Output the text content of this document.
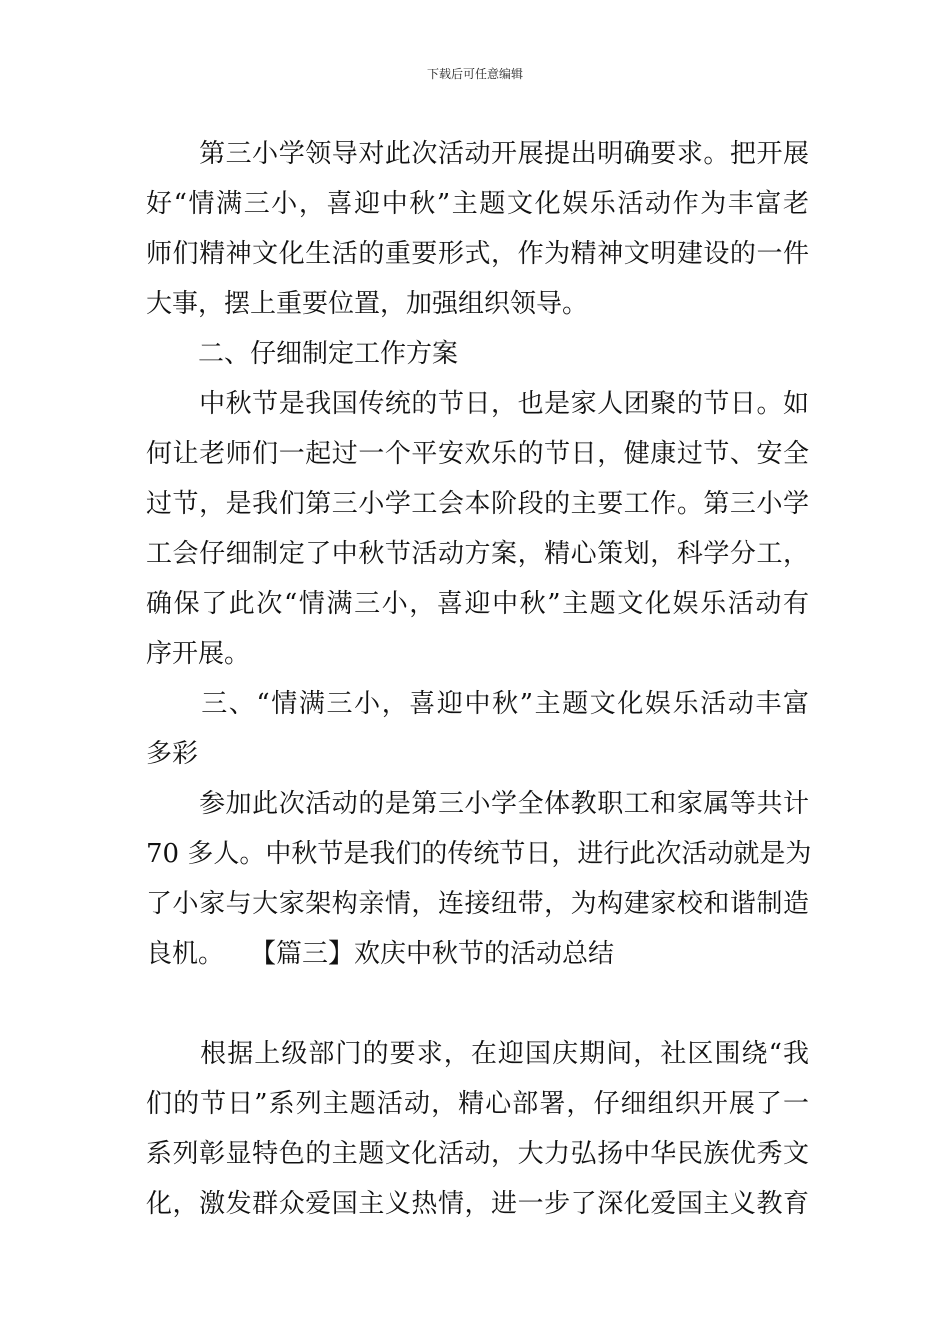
下载后可任意编辑
　　第三小学领导对此次活动开展提出明确要求。把开展
好“情满三小，喜迎中秋”主题文化娱乐活动作为丰富老
师们精神文化生活的重要形式，作为精神文明建设的一件
大事，摆上重要位置，加强组织领导。
　　二、仔细制定工作方案
　　中秋节是我国传统的节日，也是家人团聚的节日。如
何让老师们一起过一个平安欢乐的节日，健康过节、安全
过节，是我们第三小学工会本阶段的主要工作。第三小学
工会仔细制定了中秋节活动方案，精心策划，科学分工，
确保了此次“情满三小，喜迎中秋”主题文化娱乐活动有
序开展。
　　三、“情满三小，喜迎中秋”主题文化娱乐活动丰富
多彩
　　参加此次活动的是第三小学全体教职工和家属等共计
70 多人。中秋节是我们的传统节日，进行此次活动就是为
了小家与大家架构亲情，连接纽带，为构建家校和谐制造
良机。　　【篇三】欢庆中秋节的活动总结
　　根据上级部门的要求，在迎国庆期间，社区围绕“我
们的节日”系列主题活动，精心部署，仔细组织开展了一
系列彰显特色的主题文化活动，大力弘扬中华民族优秀文
化，激发群众爱国主义热情，进一步了深化爱国主义教育
